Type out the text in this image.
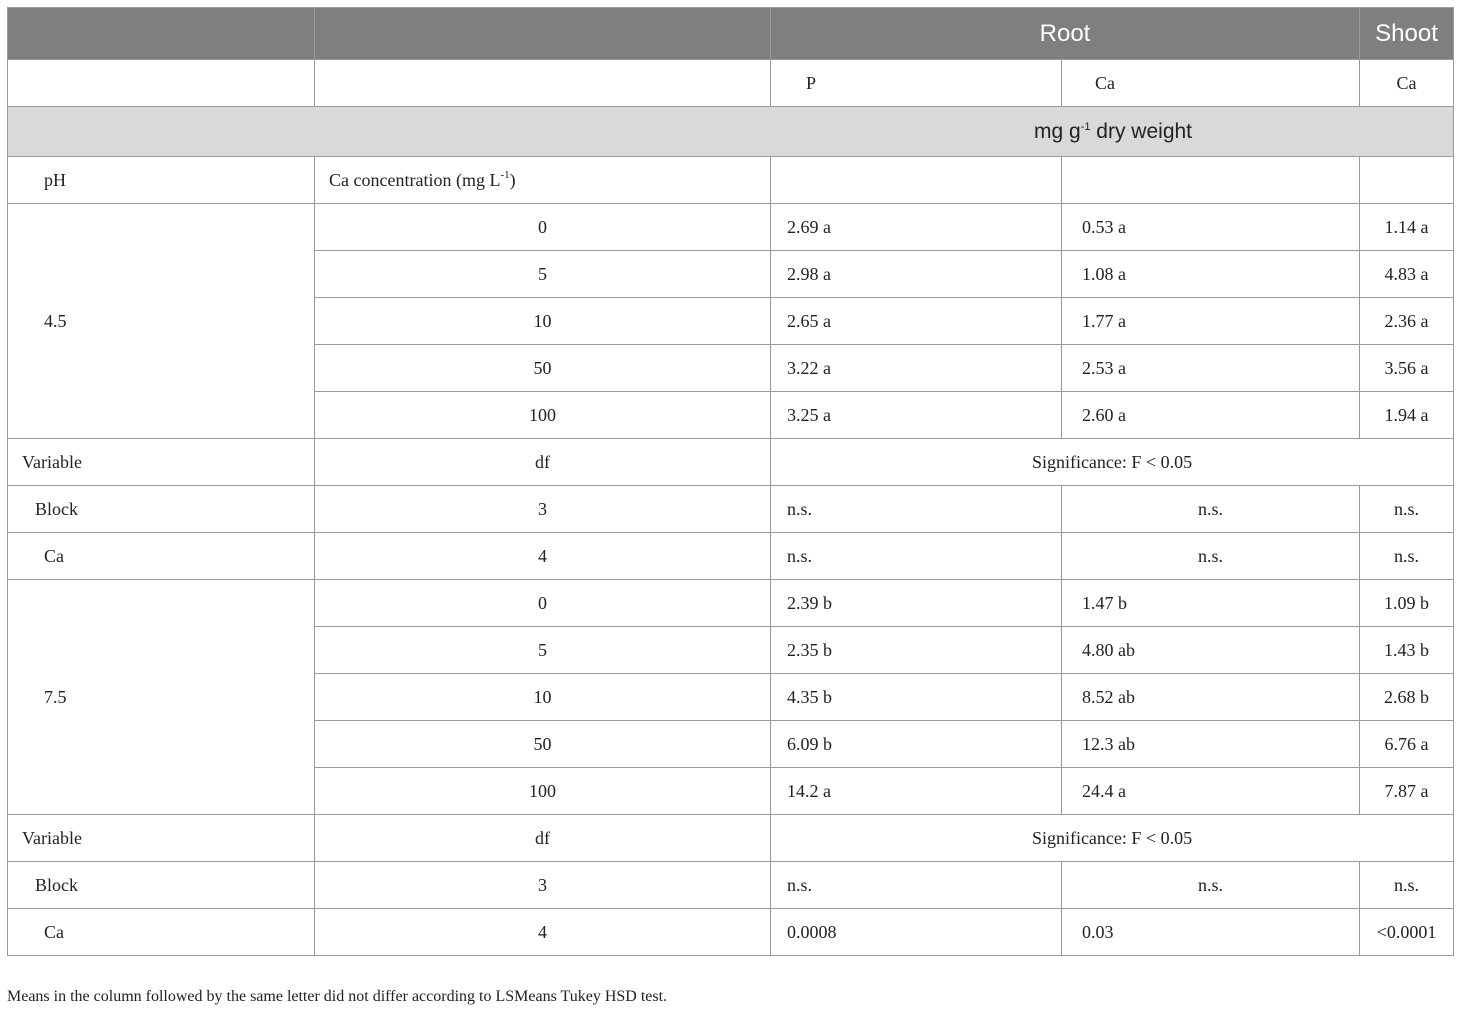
		Root		Shoot
		P	Ca	Ca
mg $g^{-1}$ dry weight				
pH	Ca concentration (mg $L^{-1}$)			
4.5	0	2.69 a	0.53 a	1.14 a
	5	2.98 a	1.08 a	4.83 a
	10	2.65 a	1.77 a	2.36 a
	50	3.22 a	2.53 a	3.56 a
	100	3.25 a	2.60 a	1.94 a
Variable	df	Significance: F < 0.05		
Block	3	n.s.	n.s.	n.s.
Ca	4	n.s.	n.s.	n.s.
7.5	0	2.39 b	1.47 b	1.09 b
	5	2.35 b	4.80 ab	1.43 b
	10	4.35 b	8.52 ab	2.68 b
	50	6.09 b	12.3 ab	6.76 a
	100	14.2 a	24.4 a	7.87 a
Variable	df	Significance: F < 0.05		
Block	3	n.s.	n.s.	n.s.
Ca	4	0.0008	0.03	<0.0001
Means in the column followed by the same letter did not differ according to LSMeans Tukey HSD test.
